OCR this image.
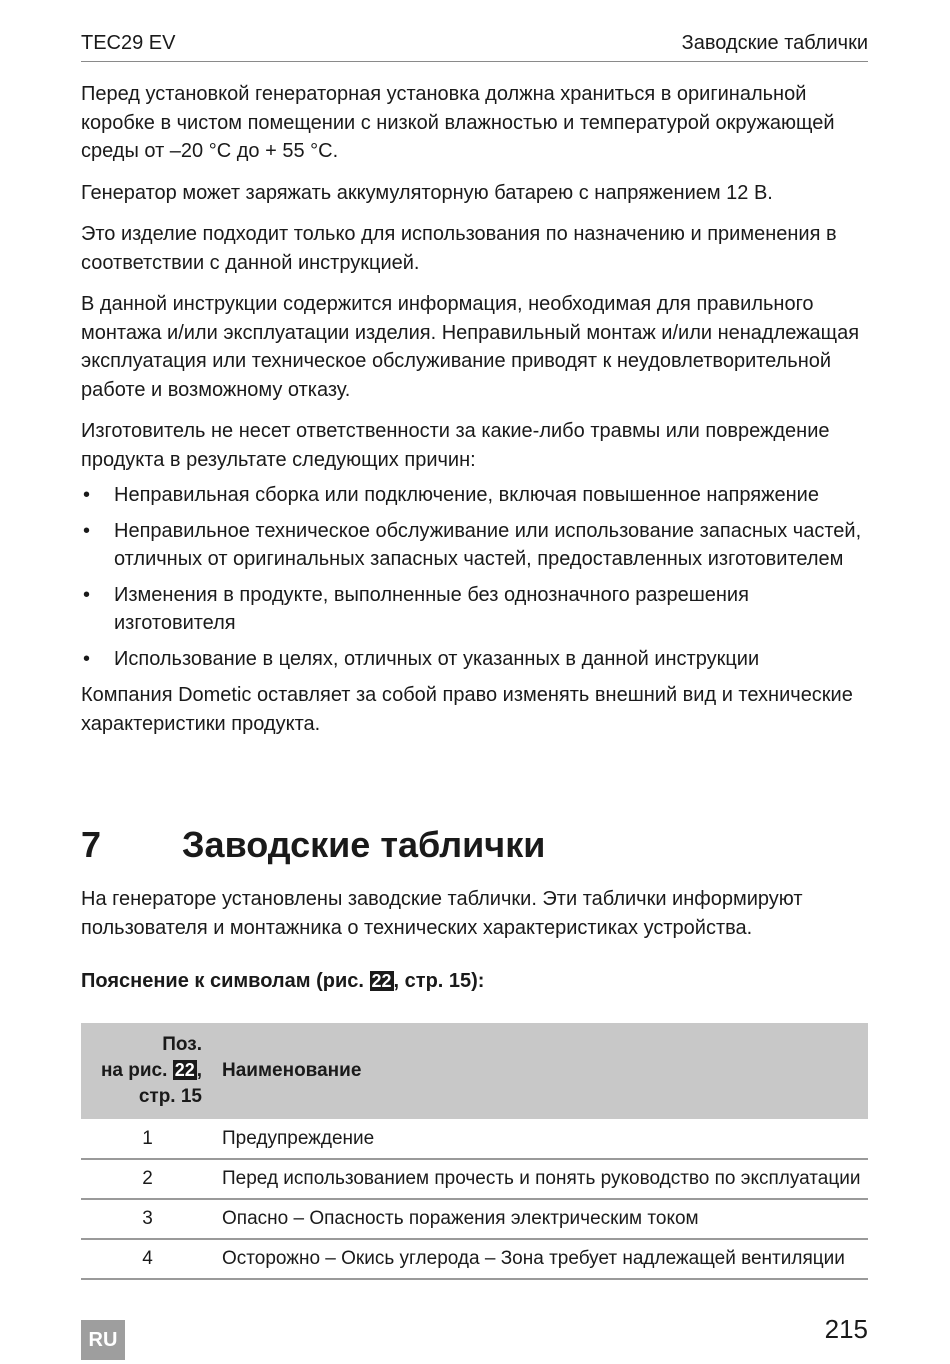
TEC29 EV	Заводские таблички

Перед установкой генераторная установка должна храниться в оригинальной коробке в чистом помещении с низкой влажностью и температурой окружающей среды от –20 °C до + 55 °C.

Генератор может заряжать аккумуляторную батарею с напряжением 12 В.

Это изделие подходит только для использования по назначению и применения в соответствии с данной инструкцией.

В данной инструкции содержится информация, необходимая для правильного монтажа и/или эксплуатации изделия. Неправильный монтаж и/или ненадлежащая эксплуатация или техническое обслуживание приводят к неудовлетворительной работе и возможному отказу.

Изготовитель не несет ответственности за какие-либо травмы или повреждение продукта в результате следующих причин:

• Неправильная сборка или подключение, включая повышенное напряжение
• Неправильное техническое обслуживание или использование запасных частей, отличных от оригинальных запасных частей, предоставленных изготовителем
• Изменения в продукте, выполненные без однозначного разрешения изготовителя
• Использование в целях, отличных от указанных в данной инструкции

Компания Dometic оставляет за собой право изменять внешний вид и технические характеристики продукта.

7 Заводские таблички

На генераторе установлены заводские таблички. Эти таблички информируют пользователя и монтажника о технических характеристиках устройства.

Пояснение к символам (рис. 22 , стр. 15):
Поз.
на рис. 22 ,
стр. 15	Наименование
1	Предупреждение
2	Перед использованием прочесть и понять руководство по эксплуатации
3	Опасно – Опасность поражения электрическим током
4	Осторожно – Окись углерода – Зона требует надлежащей вентиляции
RU	215
